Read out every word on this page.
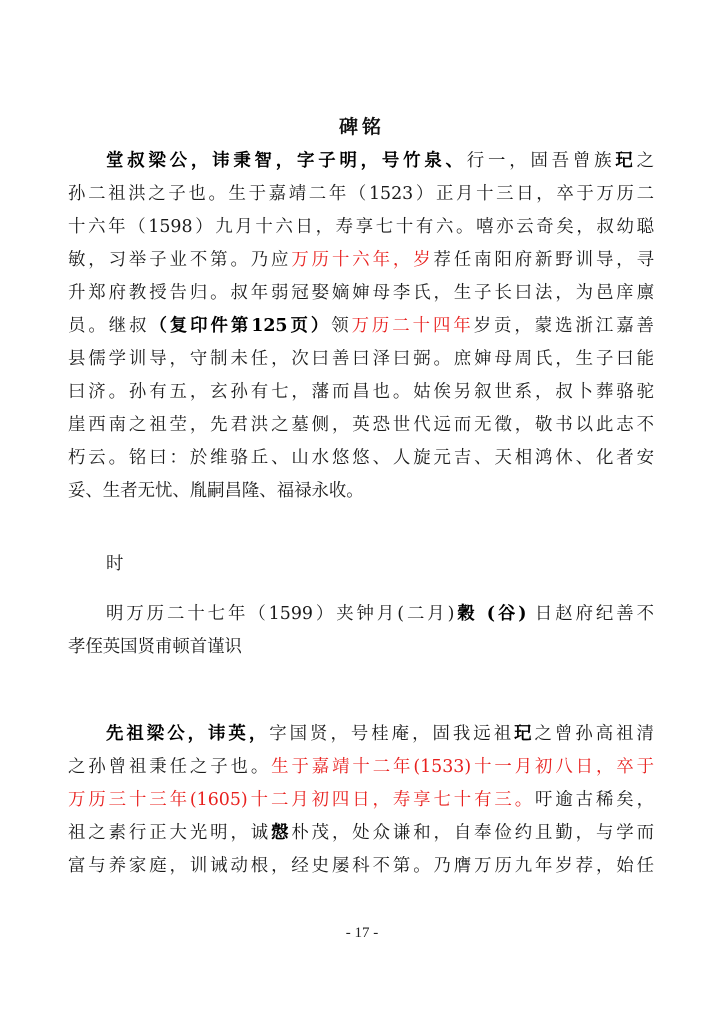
碑铭
堂叔梁公，讳秉智，字子明，号竹泉、行一，固吾曾族玘之
孙二祖洪之子也。生于嘉靖二年（1523）正月十三日，卒于万历二
十六年（1598）九月十六日，寿享七十有六。嘻亦云奇矣，叔幼聪
敏，习举子业不第。乃应万历十六年，岁荐任南阳府新野训导，寻
升郑府教授告归。叔年弱冠娶嫡婶母李氏，生子长曰法，为邑庠廪
员。继叔（复印件第125页）领万历二十四年岁贡，蒙选浙江嘉善
县儒学训导，守制未任，次曰善曰泽曰弼。庶婶母周氏，生子曰能
曰济。孙有五，玄孙有七，藩而昌也。姑俟另叙世系，叔卜葬骆驼
崖西南之祖茔，先君洪之墓侧，英恐世代远而无徵，敬书以此志不
朽云。铭曰：於维骆丘、山水悠悠、人旋元吉、天相鸿休、化者安
妥、生者无忧、胤嗣昌隆、福禄永收。
时
明万历二十七年（1599）夹钟月(二月)穀 (谷) 日赵府纪善不
孝侄英国贤甫顿首谨识
先祖梁公，讳英，字国贤，号桂庵，固我远祖玘之曾孙高祖清
之孙曾祖秉任之子也。生于嘉靖十二年(1533)十一月初八日，卒于
万历三十三年(1605)十二月初四日，寿享七十有三。吁逾古稀矣，
祖之素行正大光明，诚慤朴茂，处众谦和，自奉俭约且勤，与学而
富与养家庭，训诫动根，经史屡科不第。乃膺万历九年岁荐，始任
- 17 -
